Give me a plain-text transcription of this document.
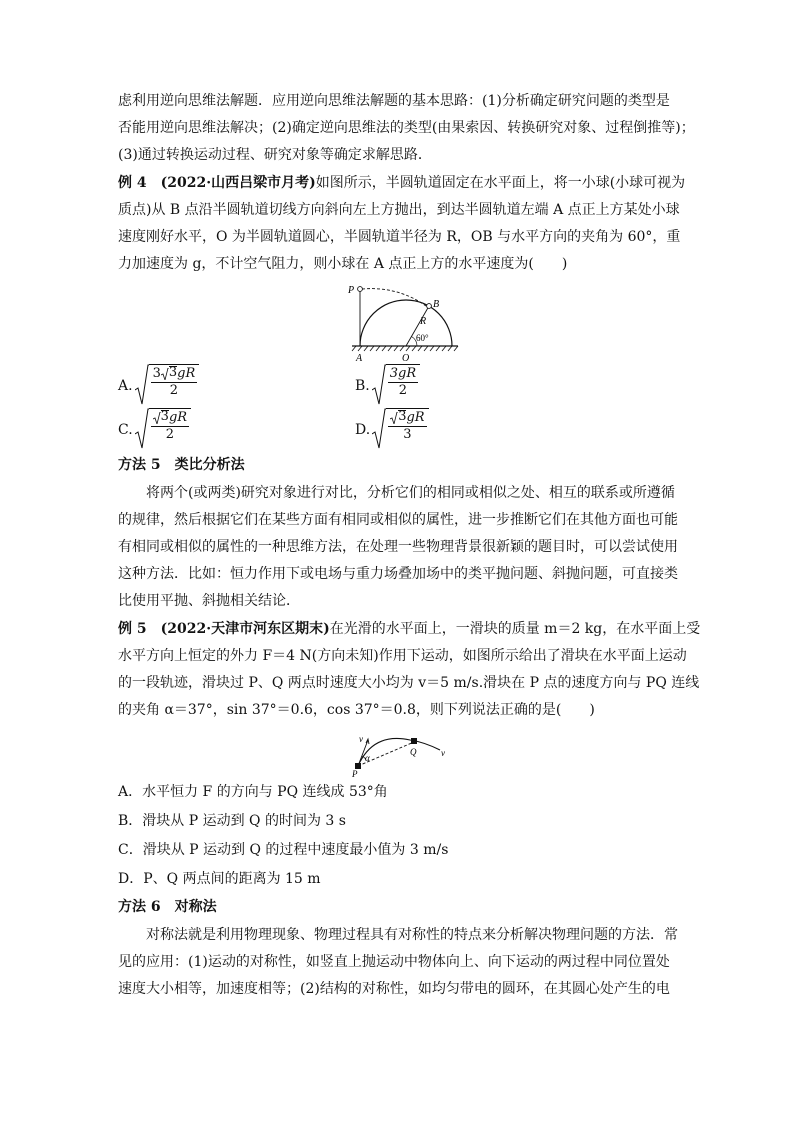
虑利用逆向思维法解题．应用逆向思维法解题的基本思路：(1)分析确定研究问题的类型是

否能用逆向思维法解决；(2)确定逆向思维法的类型(由果索因、转换研究对象、过程倒推等)；

(3)通过转换运动过程、研究对象等确定求解思路．

例 4　 (2022·山西吕梁市月考)如图所示，半圆轨道固定在水平面上，将一小球(小球可视为

质点)从 B 点沿半圆轨道切线方向斜向左上方抛出，到达半圆轨道左端 A 点正上方某处小球

速度刚好水平，O 为半圆轨道圆心，半圆轨道半径为 R，OB 与水平方向的夹角为 60°，重

力加速度为 g，不计空气阻力，则小球在 A 点正上方的水平速度为(　　)

P
B
R
60°
A	O
A. $\frac{3 3 gR}{2}$	B. $\frac{3gR}{2}$
C. $\frac{3 gR}{2}$	D. $\frac{3 gR}{3}$

方法 5　类比分析法

将两个(或两类)研究对象进行对比，分析它们的相同或相似之处、相互的联系或所遵循

的规律，然后根据它们在某些方面有相同或相似的属性，进一步推断它们在其他方面也可能

有相同或相似的属性的一种思维方法，在处理一些物理背景很新颖的题目时，可以尝试使用

这种方法．比如：恒力作用下或电场与重力场叠加场中的类平抛问题、斜抛问题，可直接类

比使用平抛、斜抛相关结论．

例 5　 (2022·天津市河东区期末)在光滑的水平面上，一滑块的质量 m＝2 kg，在水平面上受

水平方向上恒定的外力 F＝4 N(方向未知)作用下运动，如图所示给出了滑块在水平面上运动

的一段轨迹，滑块过 P、Q 两点时速度大小均为 v＝5 m/s.滑块在 P 点的速度方向与 PQ 连线

的夹角 α＝37°，sin 37°＝0.6，cos 37°＝0.8，则下列说法正确的是(　　)

v
α
Q	v
P

A．水平恒力 F 的方向与 PQ 连线成 53°角

B．滑块从 P 运动到 Q 的时间为 3 s

C．滑块从 P 运动到 Q 的过程中速度最小值为 3 m/s

D．P、Q 两点间的距离为 15 m

方法 6　对称法

对称法就是利用物理现象、物理过程具有对称性的特点来分析解决物理问题的方法．常

见的应用：(1)运动的对称性，如竖直上抛运动中物体向上、向下运动的两过程中同位置处

速度大小相等，加速度相等；(2)结构的对称性，如均匀带电的圆环，在其圆心处产生的电
